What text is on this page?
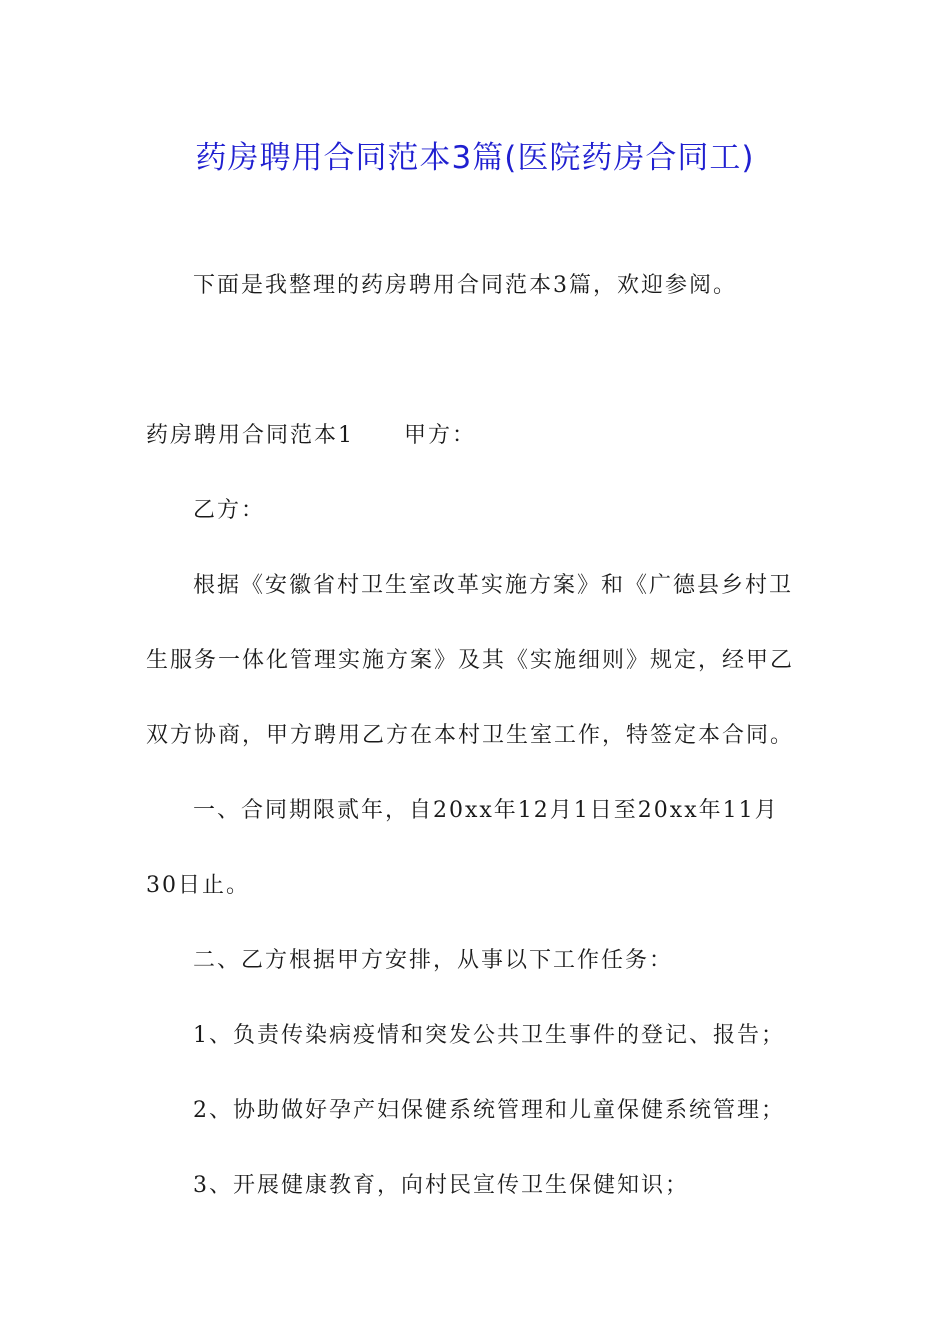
药房聘用合同范本3篇(医院药房合同工)
下面是我整理的药房聘用合同范本3篇，欢迎参阅。
药房聘用合同范本1 甲方：
乙方：
根据《安徽省村卫生室改革实施方案》和《广德县乡村卫
生服务一体化管理实施方案》及其《实施细则》规定，经甲乙
双方协商，甲方聘用乙方在本村卫生室工作，特签定本合同。
一、合同期限贰年，自20xx年12月1日至20xx年11月
30日止。
二、乙方根据甲方安排，从事以下工作任务：
1、负责传染病疫情和突发公共卫生事件的登记、报告；
2、协助做好孕产妇保健系统管理和儿童保健系统管理；
3、开展健康教育，向村民宣传卫生保健知识；
